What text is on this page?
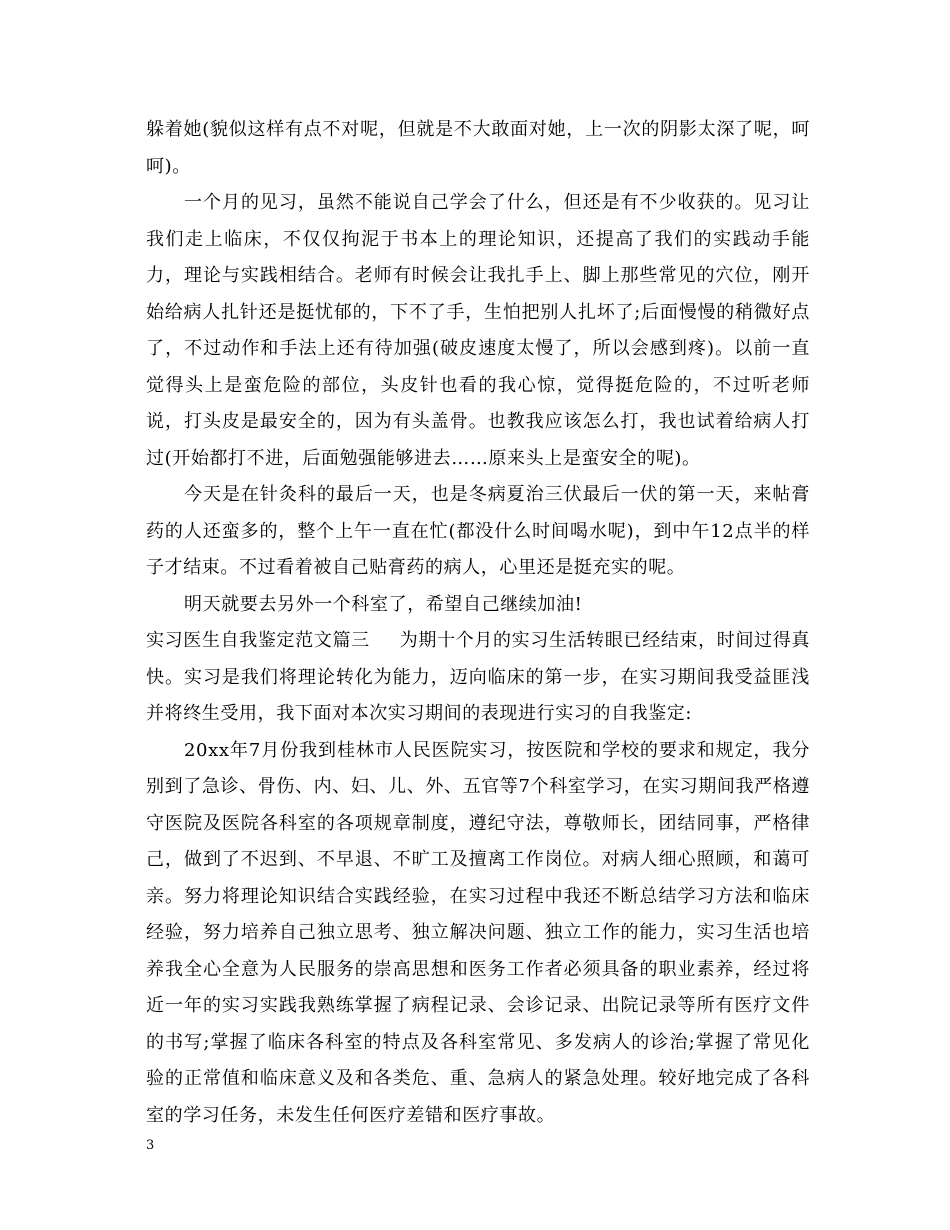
躲着她(貌似这样有点不对呢，但就是不大敢面对她，上一次的阴影太深了呢，呵呵)。

一个月的见习，虽然不能说自己学会了什么，但还是有不少收获的。见习让我们走上临床，不仅仅拘泥于书本上的理论知识，还提高了我们的实践动手能力，理论与实践相结合。老师有时候会让我扎手上、脚上那些常见的穴位，刚开始给病人扎针还是挺忧郁的，下不了手，生怕把别人扎坏了;后面慢慢的稍微好点了，不过动作和手法上还有待加强(破皮速度太慢了，所以会感到疼)。以前一直觉得头上是蛮危险的部位，头皮针也看的我心惊，觉得挺危险的，不过听老师说，打头皮是最安全的，因为有头盖骨。也教我应该怎么打，我也试着给病人打过(开始都打不进，后面勉强能够进去……原来头上是蛮安全的呢)。

今天是在针灸科的最后一天，也是冬病夏治三伏最后一伏的第一天，来帖膏药的人还蛮多的，整个上午一直在忙(都没什么时间喝水呢)，到中午12点半的样子才结束。不过看着被自己贴膏药的病人，心里还是挺充实的呢。

明天就要去另外一个科室了，希望自己继续加油!

实习医生自我鉴定范文篇三 为期十个月的实习生活转眼已经结束，时间过得真快。实习是我们将理论转化为能力，迈向临床的第一步，在实习期间我受益匪浅并将终生受用，我下面对本次实习期间的表现进行实习的自我鉴定:

20xx年7月份我到桂林市人民医院实习，按医院和学校的要求和规定，我分别到了急诊、骨伤、内、妇、儿、外、五官等7个科室学习，在实习期间我严格遵守医院及医院各科室的各项规章制度，遵纪守法，尊敬师长，团结同事，严格律己，做到了不迟到、不早退、不旷工及擅离工作岗位。对病人细心照顾，和蔼可亲。努力将理论知识结合实践经验，在实习过程中我还不断总结学习方法和临床经验，努力培养自己独立思考、独立解决问题、独立工作的能力，实习生活也培养我全心全意为人民服务的崇高思想和医务工作者必须具备的职业素养，经过将近一年的实习实践我熟练掌握了病程记录、会诊记录、出院记录等所有医疗文件的书写;掌握了临床各科室的特点及各科室常见、多发病人的诊治;掌握了常见化验的正常值和临床意义及和各类危、重、急病人的紧急处理。较好地完成了各科室的学习任务，未发生任何医疗差错和医疗事故。

3
